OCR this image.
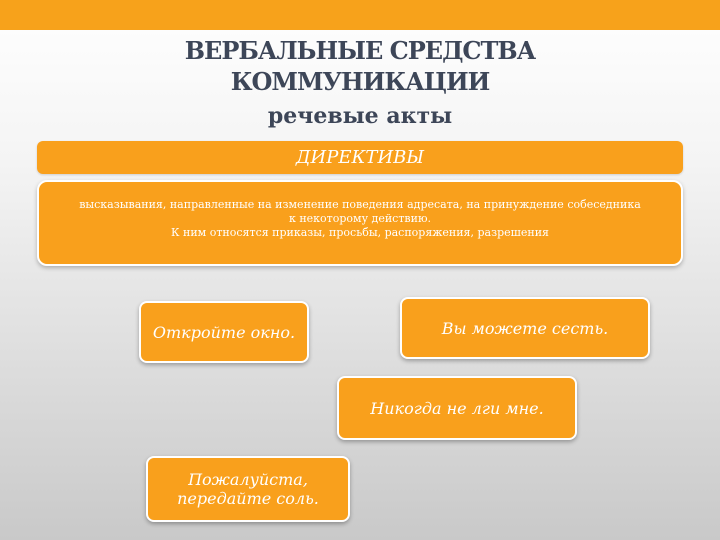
ВЕРБАЛЬНЫЕ СРЕДСТВА
КОММУНИКАЦИИ
речевые акты
ДИРЕКТИВЫ

высказывания, направленные на изменение поведения адресата, на принуждение собеседника

к некоторому действию.

К ним относятся приказы, просьбы, распоряжения, разрешения

Откройте окно.	Вы можете сесть.
Никогда не лги мне.
Пожалуйста,
передайте соль.
